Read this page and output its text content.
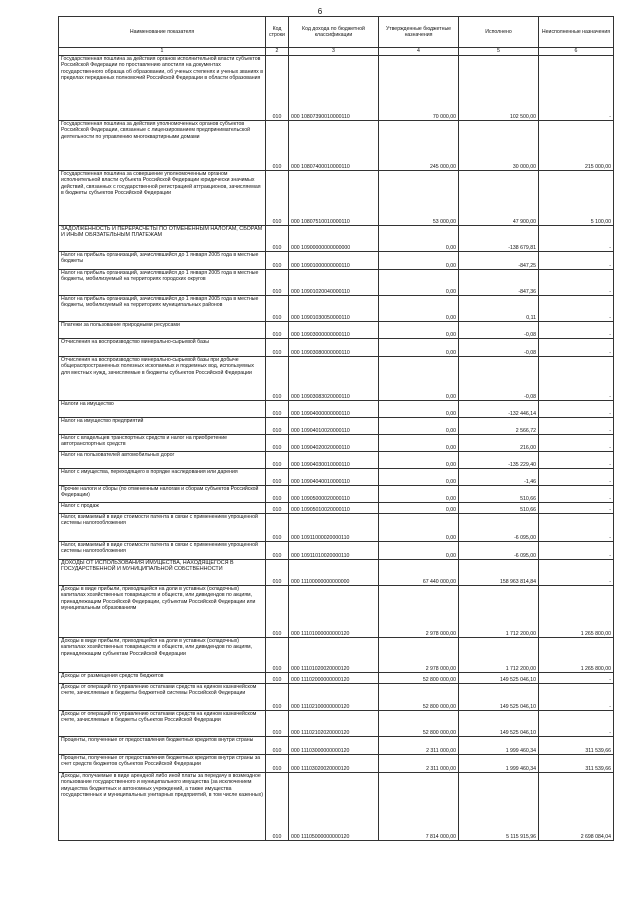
6
Наименование показателя	Код строки	Код дохода по бюджетной классификации	Утвержденные бюджетные назначения	Исполнено	Неисполненные назначения
1	2	3	4	5	6
Государственная пошлина за действия органов исполнительной власти субъектов Российской Федерации по проставлению апостиля на документах государственного образца об образовании, об ученых степенях и ученых званиях в пределах переданных полномочий Российской Федерации в области образования	010	000 10807390010000110	70 000,00	102 500,00	-
Государственная пошлина за действия уполномоченных органов субъектов Российской Федерации, связанные с лицензированием предпринимательской деятельности по управлению многоквартирными домами	010	000 10807400010000110	245 000,00	30 000,00	215 000,00
Государственная пошлина за совершение уполномоченным органом исполнительной власти субъекта Российской Федерации юридически значимых действий, связанных с государственной регистрацией аттракционов, зачисляемая в бюджеты субъектов Российской Федерации	010	000 10807510010000110	53 000,00	47 900,00	5 100,00
ЗАДОЛЖЕННОСТЬ И ПЕРЕРАСЧЕТЫ ПО ОТМЕНЕННЫМ НАЛОГАМ, СБОРАМ И ИНЫМ ОБЯЗАТЕЛЬНЫМ ПЛАТЕЖАМ	010	000 10900000000000000	0,00	-138 679,81	-
Налог на прибыль организаций, зачислявшийся до 1 января 2005 года в местные бюджеты	010	000 10901000000000110	0,00	-847,25	-
Налог на прибыль организаций, зачислявшийся до 1 января 2005 года в местные бюджеты, мобилизуемый на территориях городских округов	010	000 10901020040000110	0,00	-847,36	-
Налог на прибыль организаций, зачислявшийся до 1 января 2005 года в местные бюджеты, мобилизуемый на территориях муниципальных районов	010	000 10901030050000110	0,00	0,11	-
Платежи за пользование природными ресурсами	010	000 10903000000000110	0,00	-0,08	-
Отчисления на воспроизводство минерально-сырьевой базы	010	000 10903080000000110	0,00	-0,08	-
Отчисления на воспроизводство минерально-сырьевой базы при добыче общераспространенных полезных ископаемых и подземных вод, используемых для местных нужд, зачисляемые в бюджеты субъектов Российской Федерации	010	000 10903083020000110	0,00	-0,08	-
Налоги на имущество	010	000 10904000000000110	0,00	-132 446,14	-
Налог на имущество предприятий	010	000 10904010020000110	0,00	2 566,72	-
Налог с владельцев транспортных средств и налог на приобретение автотранспортных средств	010	000 10904020020000110	0,00	216,00	-
Налог на пользователей автомобильных дорог	010	000 10904030010000110	0,00	-135 229,40	-
Налог с имущества, переходящего в порядке наследования или дарения	010	000 10904040010000110	0,00	-1,46	-
Прочие налоги и сборы (по отмененным налогам и сборам субъектов Российской Федерации)	010	000 10905000020000110	0,00	510,66	-
Налог с продаж	010	000 10905010020000110	0,00	510,66	-
Налог, взимаемый в виде стоимости патента в связи с применением упрощенной системы налогообложения	010	000 10911000020000110	0,00	-6 095,00	-
Налог, взимаемый в виде стоимости патента в связи с применением упрощенной системы налогообложения	010	000 10911010020000110	0,00	-6 095,00	-
ДОХОДЫ ОТ ИСПОЛЬЗОВАНИЯ ИМУЩЕСТВА, НАХОДЯЩЕГОСЯ В ГОСУДАРСТВЕННОЙ И МУНИЦИПАЛЬНОЙ СОБСТВЕННОСТИ	010	000 11100000000000000	67 440 000,00	158 963 814,84	-
Доходы в виде прибыли, приходящейся на доли в уставных (складочных) капиталах хозяйственных товариществ и обществ, или дивидендов по акциям, принадлежащим Российской Федерации, субъектам Российской Федерации или муниципальным образованиям	010	000 11101000000000120	2 978 000,00	1 712 200,00	1 265 800,00
Доходы в виде прибыли, приходящейся на доли в уставных (складочных) капиталах хозяйственных товариществ и обществ, или дивидендов по акциям, принадлежащим субъектам Российской Федерации	010	000 11101020020000120	2 978 000,00	1 712 200,00	1 265 800,00
Доходы от размещения средств бюджетов	010	000 11102000000000120	52 800 000,00	149 525 046,10	-
Доходы от операций по управлению остатками средств на едином казначейском счете, зачисляемые в бюджеты бюджетной системы Российской Федерации	010	000 11102100000000120	52 800 000,00	149 525 046,10	-
Доходы от операций по управлению остатками средств на едином казначейском счете, зачисляемые в бюджеты субъектов Российской Федерации	010	000 11102102020000120	52 800 000,00	149 525 046,10	-
Проценты, полученные от предоставления бюджетных кредитов внутри страны	010	000 11103000000000120	2 311 000,00	1 999 460,34	311 539,66
Проценты, полученные от предоставления бюджетных кредитов внутри страны за счет средств бюджетов субъектов Российской Федерации	010	000 11103020020000120	2 311 000,00	1 999 460,34	311 539,66
Доходы, получаемые в виде арендной либо иной платы за передачу в возмездное пользование государственного и муниципального имущества (за исключением имущества бюджетных и автономных учреждений, а также имущества государственных и муниципальных унитарных предприятий, в том числе казенных)	010	000 11105000000000120	7 814 000,00	5 115 915,96	2 698 084,04
